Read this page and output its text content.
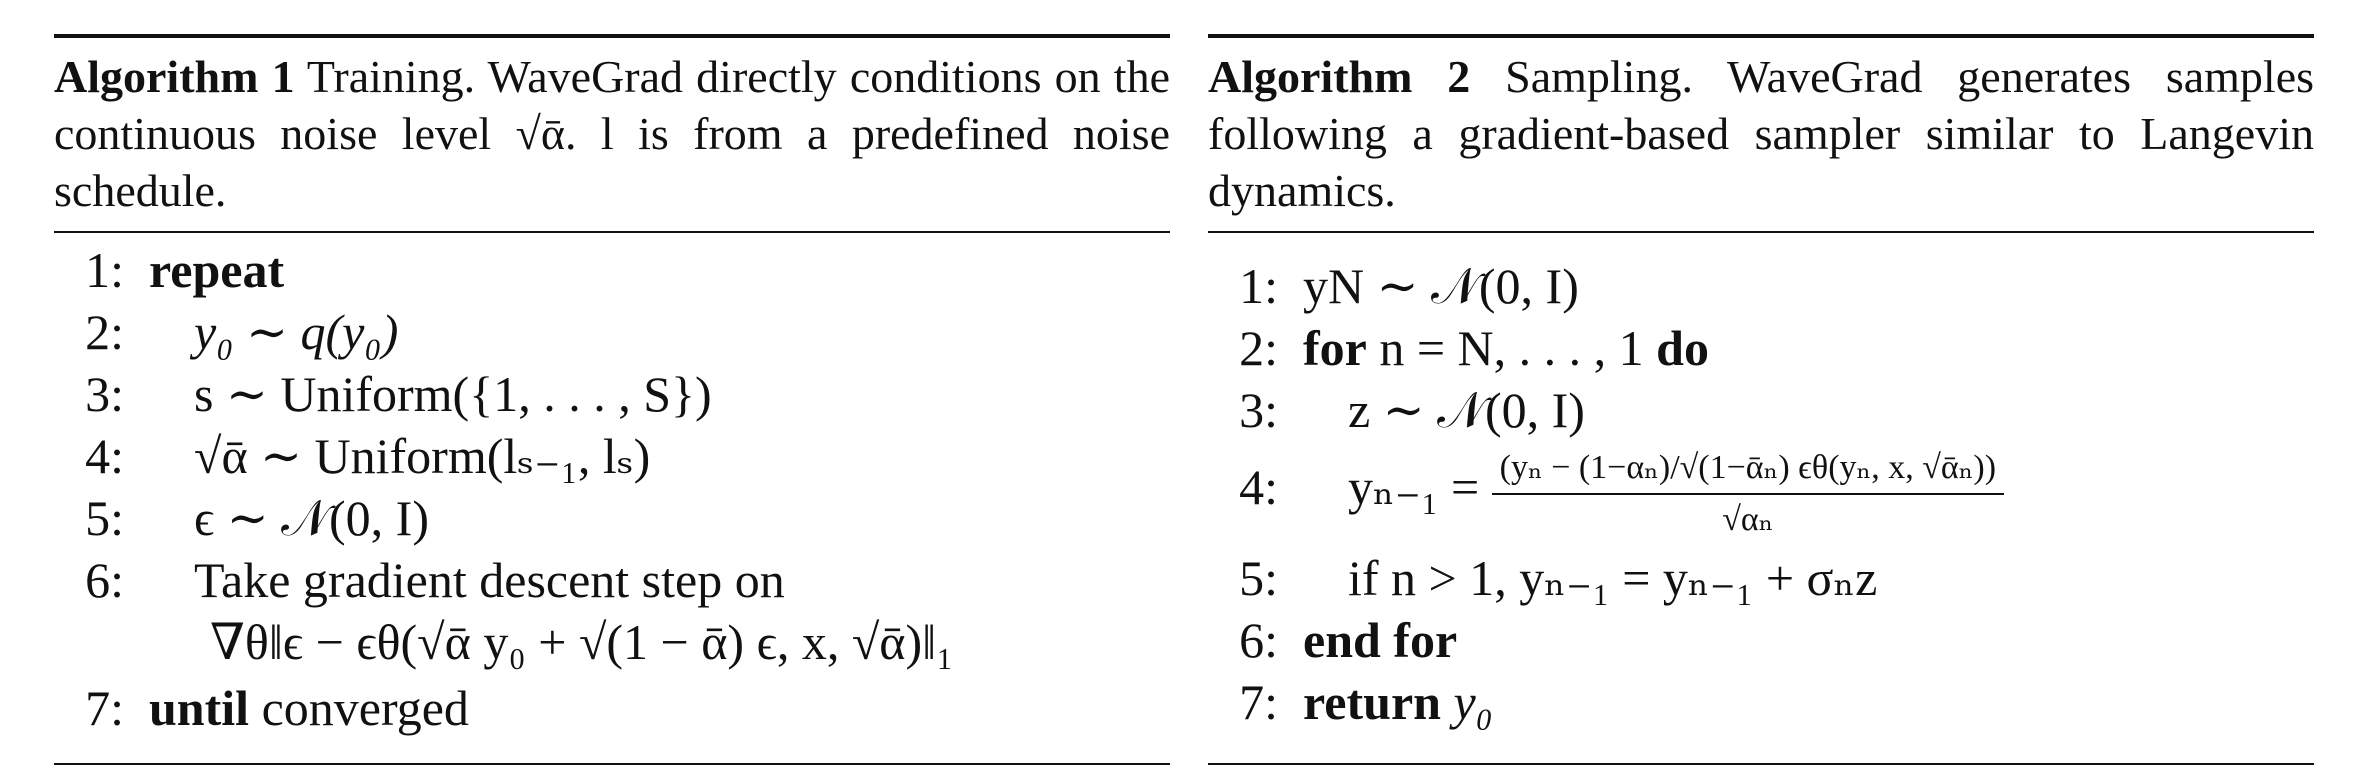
Algorithm 1 Training. WaveGrad directly conditions on the continuous noise level √ᾱ. l is from a predefined noise schedule.
1: repeat
2: y₀ ∼ q(y₀)
3: s ∼ Uniform({1, . . . , S})
4: √ᾱ ∼ Uniform(lₛ₋₁, lₛ)
5: ϵ ∼ 𝒩(0, I)
6: Take gradient descent step on
∇θ‖ϵ − ϵθ(√ᾱ y₀ + √(1 − ᾱ) ϵ, x, √ᾱ)‖₁
7: until converged
Algorithm 2 Sampling. WaveGrad generates samples following a gradient-based sampler similar to Langevin dynamics.
1: yN ∼ 𝒩(0, I)
2: for n = N, . . . , 1 do
3: z ∼ 𝒩(0, I)
4: $y_{n-1} = \frac{\text{(yₙ − (1−αₙ)/√(1−ᾱₙ) ϵθ(yₙ, x, √ᾱₙ))}}{\text{√αₙ}}$
5: if n > 1, yₙ₋₁ = yₙ₋₁ + σₙz
6: end for
7: return y₀
